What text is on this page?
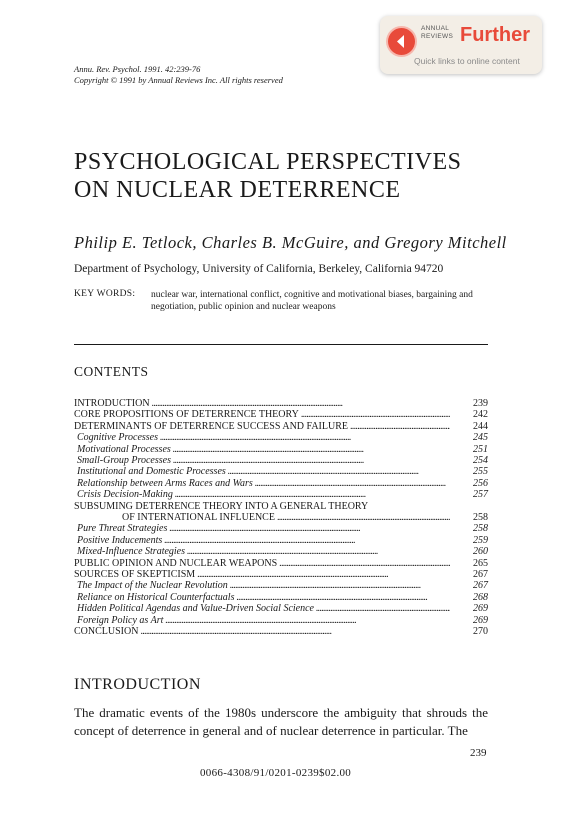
ANNUAL
REVIEWS Further
Quick links to online content
Annu. Rev. Psychol. 1991. 42:239-76
Copyright © 1991 by Annual Reviews Inc. All rights reserved
PSYCHOLOGICAL PERSPECTIVES
ON NUCLEAR DETERRENCE
Philip E. Tetlock, Charles B. McGuire, and Gregory Mitchell
Department of Psychology, University of California, Berkeley, California 94720
KEY WORDS: nuclear war, international conflict, cognitive and motivational biases, bargaining and negotiation, public opinion and nuclear weapons
CONTENTS
INTRODUCTION . . .	239
CORE PROPOSITIONS OF DETERRENCE THEORY . . .	242
DETERMINANTS OF DETERRENCE SUCCESS AND FAILURE . . .	244
Cognitive Processes . . .	245
Motivational Processes . . .	251
Small-Group Processes . . .	254
Institutional and Domestic Processes . . .	255
Relationship between Arms Races and Wars . . .	256
Crisis Decision-Making . . .	257
SUBSUMING DETERRENCE THEORY INTO A GENERAL THEORY
OF INTERNATIONAL INFLUENCE . . .	258
Pure Threat Strategies . . .	258
Positive Inducements . . .	259
Mixed-Influence Strategies . . .	260
PUBLIC OPINION AND NUCLEAR WEAPONS . . .	265
SOURCES OF SKEPTICISM . . .	267
The Impact of the Nuclear Revolution . . .	267
Reliance on Historical Counterfactuals . . .	268
Hidden Political Agendas and Value-Driven Social Science . . .	269
Foreign Policy as Art . . .	269
CONCLUSION . . .	270
INTRODUCTION
The dramatic events of the 1980s underscore the ambiguity that shrouds the concept of deterrence in general and of nuclear deterrence in particular. The
239
0066-4308/91/0201-0239$02.00
